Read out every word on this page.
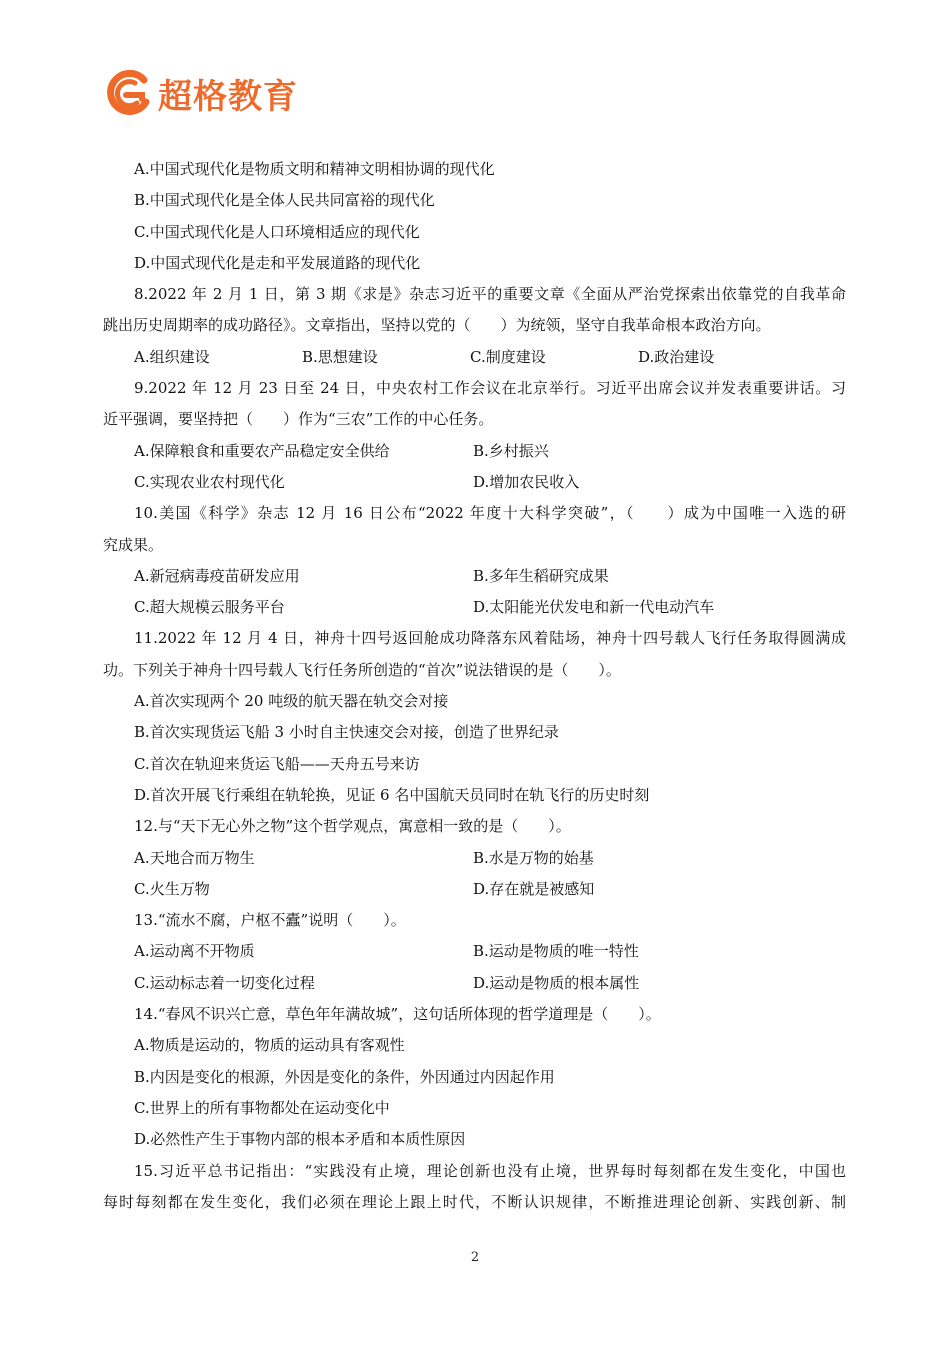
超格教育
A.中国式现代化是物质文明和精神文明相协调的现代化
B.中国式现代化是全体人民共同富裕的现代化
C.中国式现代化是人口环境相适应的现代化
D.中国式现代化是走和平发展道路的现代化
8.2022 年 2 月 1 日，第 3 期《求是》杂志习近平的重要文章《全面从严治党探索出依靠党的自我革命
跳出历史周期率的成功路径》。文章指出，坚持以党的（　　）为统领，坚守自我革命根本政治方向。
A.组织建设	B.思想建设	C.制度建设	D.政治建设
9.2022 年 12 月 23 日至 24 日，中央农村工作会议在北京举行。习近平出席会议并发表重要讲话。习
近平强调，要坚持把（　　）作为“三农”工作的中心任务。
A.保障粮食和重要农产品稳定安全供给	B.乡村振兴
C.实现农业农村现代化	D.增加农民收入
10.美国《科学》杂志 12 月 16 日公布“2022 年度十大科学突破”，（　　）成为中国唯一入选的研
究成果。
A.新冠病毒疫苗研发应用	B.多年生稻研究成果
C.超大规模云服务平台	D.太阳能光伏发电和新一代电动汽车
11.2022 年 12 月 4 日，神舟十四号返回舱成功降落东风着陆场，神舟十四号载人飞行任务取得圆满成
功。下列关于神舟十四号载人飞行任务所创造的“首次”说法错误的是（　　）。
A.首次实现两个 20 吨级的航天器在轨交会对接
B.首次实现货运飞船 3 小时自主快速交会对接，创造了世界纪录
C.首次在轨迎来货运飞船——天舟五号来访
D.首次开展飞行乘组在轨轮换，见证 6 名中国航天员同时在轨飞行的历史时刻
12.与“天下无心外之物”这个哲学观点，寓意相一致的是（　　）。
A.天地合而万物生	B.水是万物的始基
C.火生万物	D.存在就是被感知
13.“流水不腐，户枢不蠹”说明（　　）。
A.运动离不开物质	B.运动是物质的唯一特性
C.运动标志着一切变化过程	D.运动是物质的根本属性
14.“春风不识兴亡意，草色年年满故城”，这句话所体现的哲学道理是（　　）。
A.物质是运动的，物质的运动具有客观性
B.内因是变化的根源，外因是变化的条件，外因通过内因起作用
C.世界上的所有事物都处在运动变化中
D.必然性产生于事物内部的根本矛盾和本质性原因
15.习近平总书记指出：“实践没有止境，理论创新也没有止境，世界每时每刻都在发生变化，中国也
每时每刻都在发生变化，我们必须在理论上跟上时代，不断认识规律，不断推进理论创新、实践创新、制
2
